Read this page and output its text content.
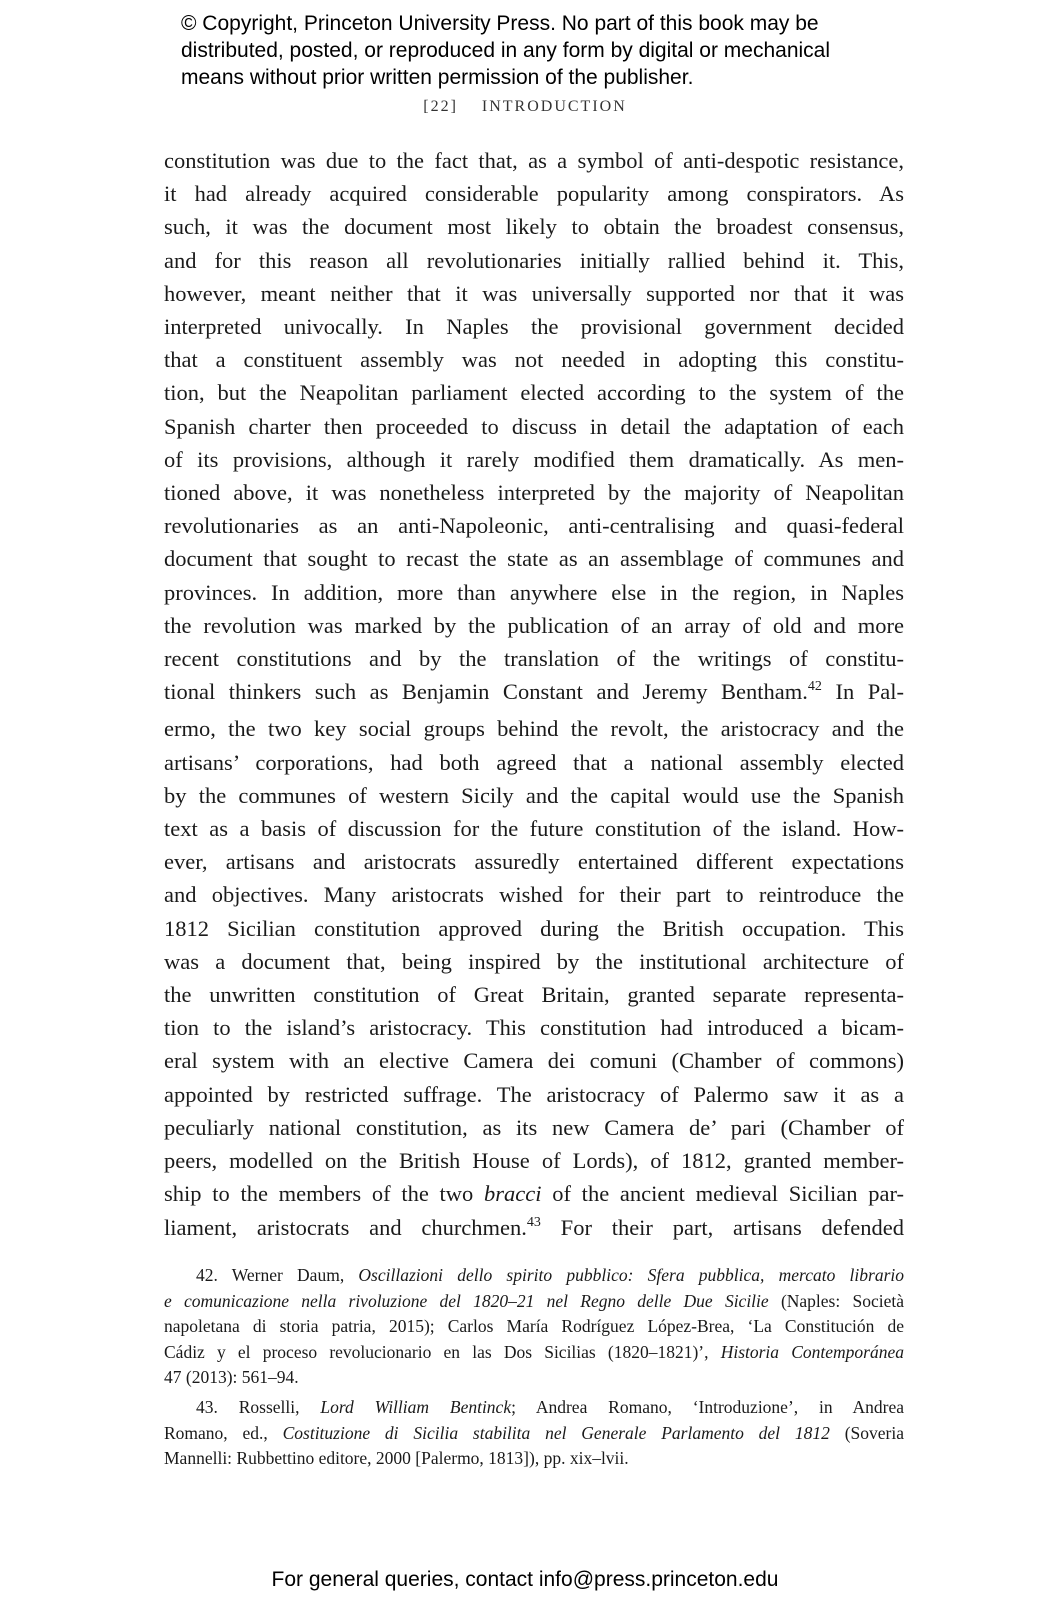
© Copyright, Princeton University Press. No part of this book may be
distributed, posted, or reproduced in any form by digital or mechanical
means without prior written permission of the publisher.
[22] INTRODUCTION
constitution was due to the fact that, as a symbol of anti-despotic resistance,
it had already acquired considerable popularity among conspirators. As
such, it was the document most likely to obtain the broadest consensus,
and for this reason all revolutionaries initially rallied behind it. This,
however, meant neither that it was universally supported nor that it was
interpreted univocally. In Naples the provisional government decided
that a constituent assembly was not needed in adopting this constitu-
tion, but the Neapolitan parliament elected according to the system of the
Spanish charter then proceeded to discuss in detail the adaptation of each
of its provisions, although it rarely modified them dramatically. As men-
tioned above, it was nonetheless interpreted by the majority of Neapolitan
revolutionaries as an anti-Napoleonic, anti-centralising and quasi-federal
document that sought to recast the state as an assemblage of communes and
provinces. In addition, more than anywhere else in the region, in Naples
the revolution was marked by the publication of an array of old and more
recent constitutions and by the translation of the writings of constitu-
tional thinkers such as Benjamin Constant and Jeremy Bentham.$^{42}$ In Pal-
ermo, the two key social groups behind the revolt, the aristocracy and the
artisans’ corporations, had both agreed that a national assembly elected
by the communes of western Sicily and the capital would use the Spanish
text as a basis of discussion for the future constitution of the island. How-
ever, artisans and aristocrats assuredly entertained different expectations
and objectives. Many aristocrats wished for their part to reintroduce the
1812 Sicilian constitution approved during the British occupation. This
was a document that, being inspired by the institutional architecture of
the unwritten constitution of Great Britain, granted separate representa-
tion to the island’s aristocracy. This constitution had introduced a bicam-
eral system with an elective Camera dei comuni (Chamber of commons)
appointed by restricted suffrage. The aristocracy of Palermo saw it as a
peculiarly national constitution, as its new Camera de’ pari (Chamber of
peers, modelled on the British House of Lords), of 1812, granted member-
ship to the members of the two bracci of the ancient medieval Sicilian par-
liament, aristocrats and churchmen.$^{43}$ For their part, artisans defended
42. Werner Daum, Oscillazioni dello spirito pubblico: Sfera pubblica, mercato librario
e comunicazione nella rivoluzione del 1820–21 nel Regno delle Due Sicilie (Naples: Società
napoletana di storia patria, 2015); Carlos María Rodríguez López-Brea, ‘La Constitución de
Cádiz y el proceso revolucionario en las Dos Sicilias (1820–1821)’, Historia Contemporánea
47 (2013): 561–94.
43. Rosselli, Lord William Bentinck; Andrea Romano, ‘Introduzione’, in Andrea
Romano, ed., Costituzione di Sicilia stabilita nel Generale Parlamento del 1812 (Soveria
Mannelli: Rubbettino editore, 2000 [Palermo, 1813]), pp. xix–lvii.
For general queries, contact info@press.princeton.edu
